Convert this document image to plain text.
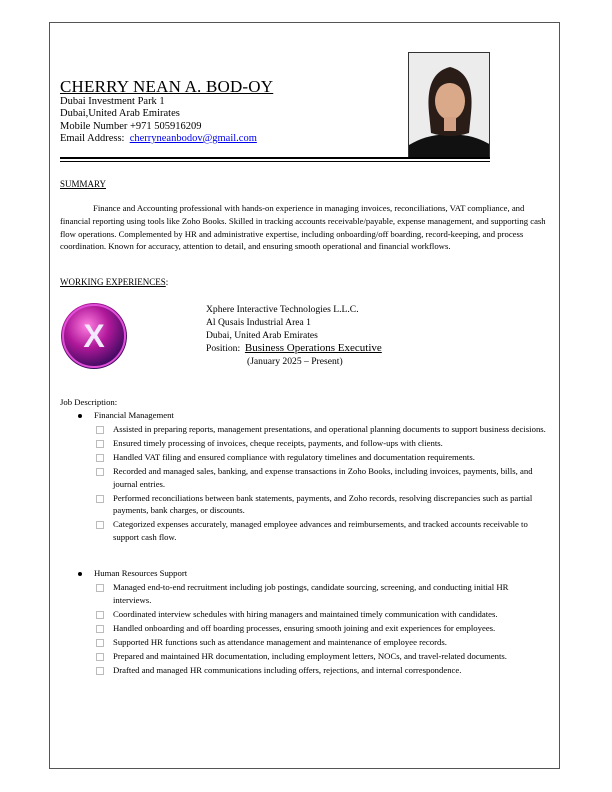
CHERRY NEAN A. BOD-OY
Dubai Investment Park 1
Dubai,United Arab Emirates
Mobile Number +971 505916209
Email Address: cherryneanbodov@gmail.com
SUMMARY
Finance and Accounting professional with hands-on experience in managing invoices, reconciliations, VAT compliance, and financial reporting using tools like Zoho Books. Skilled in tracking accounts receivable/payable, expense management, and supporting cash flow operations. Complemented by HR and administrative expertise, including onboarding/off boarding, record-keeping, and process coordination. Known for accuracy, attention to detail, and ensuring smooth operational and financial workflows.
WORKING EXPERIENCES:
X
Xphere Interactive Technologies L.L.C.
Al Qusais Industrial Area 1
Dubai, United Arab Emirates
Position: Business Operations Executive
(January 2025 – Present)
Job Description:
Financial Management
Assisted in preparing reports, management presentations, and operational planning documents to support business decisions.
Ensured timely processing of invoices, cheque receipts, payments, and follow-ups with clients.
Handled VAT filing and ensured compliance with regulatory timelines and documentation requirements.
Recorded and managed sales, banking, and expense transactions in Zoho Books, including invoices, payments, bills, and journal entries.
Performed reconciliations between bank statements, payments, and Zoho records, resolving discrepancies such as partial payments, bank charges, or discounts.
Categorized expenses accurately, managed employee advances and reimbursements, and tracked accounts receivable to support cash flow.
Human Resources Support
Managed end-to-end recruitment including job postings, candidate sourcing, screening, and conducting initial HR interviews.
Coordinated interview schedules with hiring managers and maintained timely communication with candidates.
Handled onboarding and off boarding processes, ensuring smooth joining and exit experiences for employees.
Supported HR functions such as attendance management and maintenance of employee records.
Prepared and maintained HR documentation, including employment letters, NOCs, and travel-related documents.
Drafted and managed HR communications including offers, rejections, and internal correspondence.
